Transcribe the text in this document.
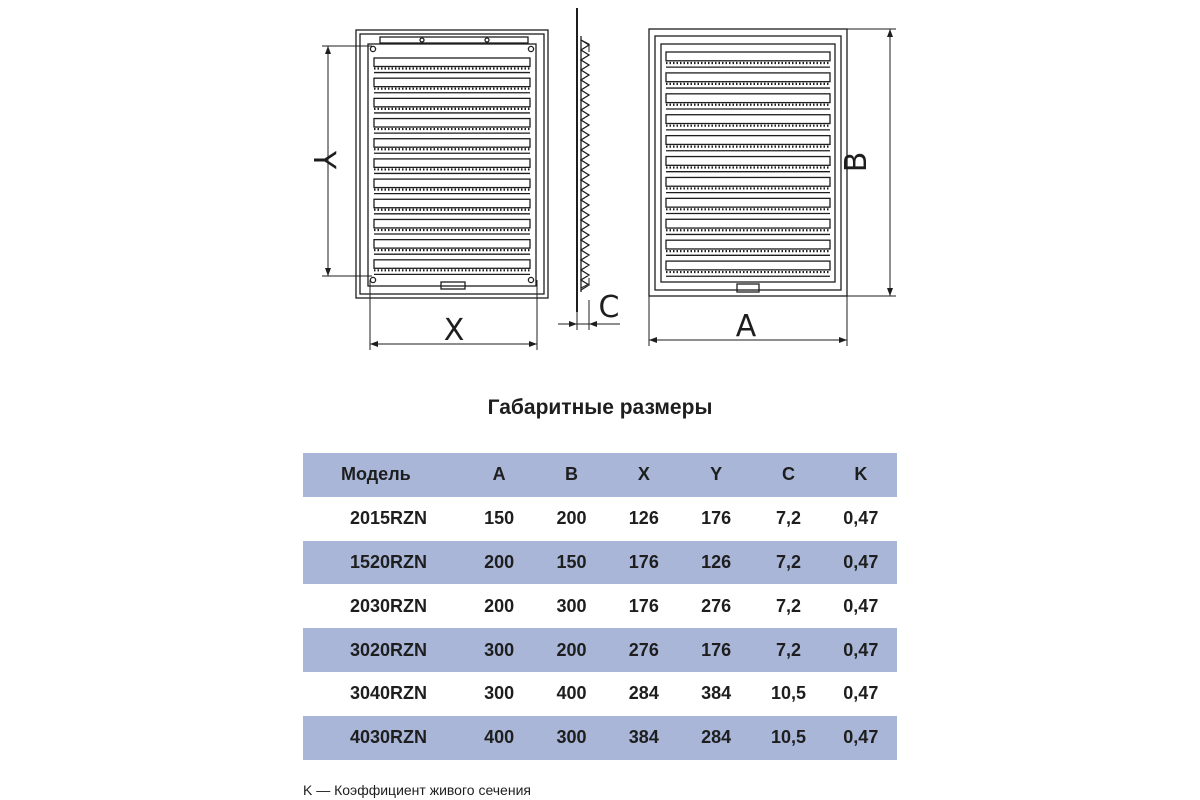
X
Y
C
A
B
Габаритные размеры
Модель	A	B	X	Y	C	K
2015RZN	150	200	126	176	7,2	0,47
1520RZN	200	150	176	126	7,2	0,47
2030RZN	200	300	176	276	7,2	0,47
3020RZN	300	200	276	176	7,2	0,47
3040RZN	300	400	284	384	10,5	0,47
4030RZN	400	300	384	284	10,5	0,47

K — Коэффициент живого сечения
